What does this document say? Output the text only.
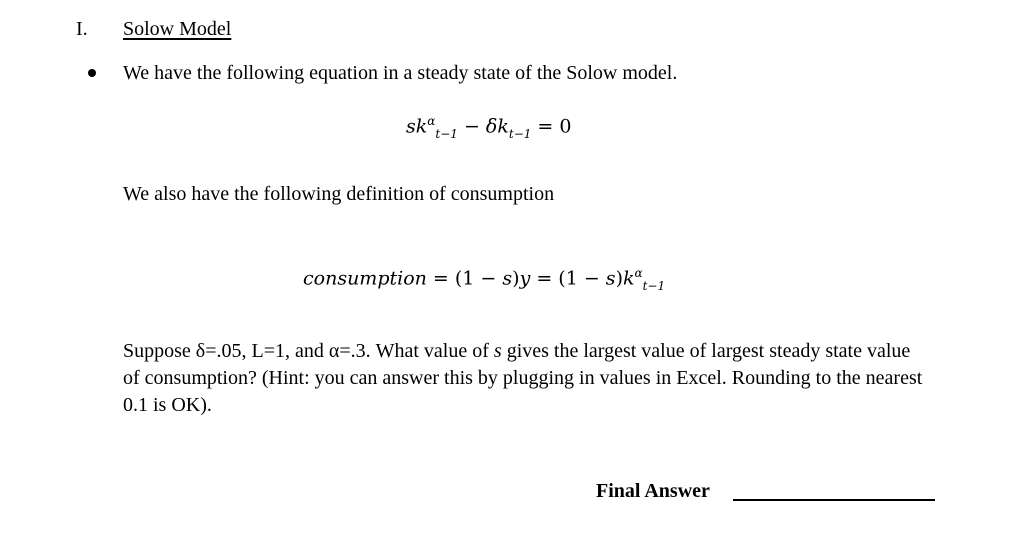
I. Solow Model
We have the following equation in a steady state of the Solow model.
$sk^\alpha_{t-1} - \delta k_{t-1} = 0$
We also have the following definition of consumption
consumption = $(1 - s)y = (1 - s)k^\alpha_{t-1}$
Suppose δ=.05, L=1, and α=.3. What value of s gives the largest value of largest steady state value of consumption? (Hint: you can answer this by plugging in values in Excel. Rounding to the nearest 0.1 is OK).
Final Answer
